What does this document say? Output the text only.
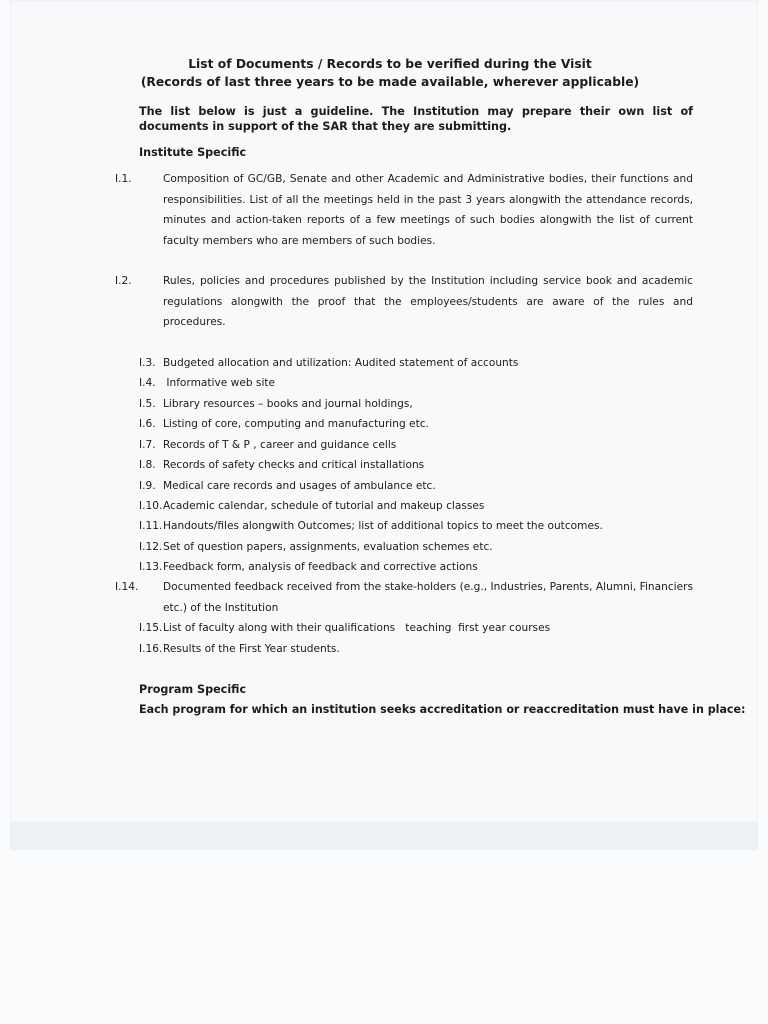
List of Documents / Records to be verified during the Visit
(Records of last three years to be made available, wherever applicable)
The list below is just a guideline. The Institution may prepare their own list of documents in support of the SAR that they are submitting.
Institute Specific
I.1.	Composition of GC/GB, Senate and other Academic and Administrative bodies, their functions and responsibilities. List of all the meetings held in the past 3 years alongwith the attendance records, minutes and action-taken reports of a few meetings of such bodies alongwith the list of current faculty members who are members of such bodies.
I.2.	Rules, policies and procedures published by the Institution including service book and academic regulations alongwith the proof that the employees/students are aware of the rules and procedures.
I.3. Budgeted allocation and utilization: Audited statement of accounts
I.4. Informative web site
I.5. Library resources – books and journal holdings,
I.6. Listing of core, computing and manufacturing etc.
I.7. Records of T & P , career and guidance cells
I.8. Records of safety checks and critical installations
I.9. Medical care records and usages of ambulance etc.
I.10.Academic calendar, schedule of tutorial and makeup classes
I.11.Handouts/files alongwith Outcomes; list of additional topics to meet the outcomes.
I.12.Set of question papers, assignments, evaluation schemes etc.
I.13.Feedback form, analysis of feedback and corrective actions
I.14. Documented feedback received from the stake-holders (e.g., Industries, Parents, Alumni, Financiers etc.) of the Institution
I.15.List of faculty along with their qualifications   teaching  first year courses
I.16.Results of the First Year students.
Program Specific
Each program for which an institution seeks accreditation or reaccreditation must have in place:
